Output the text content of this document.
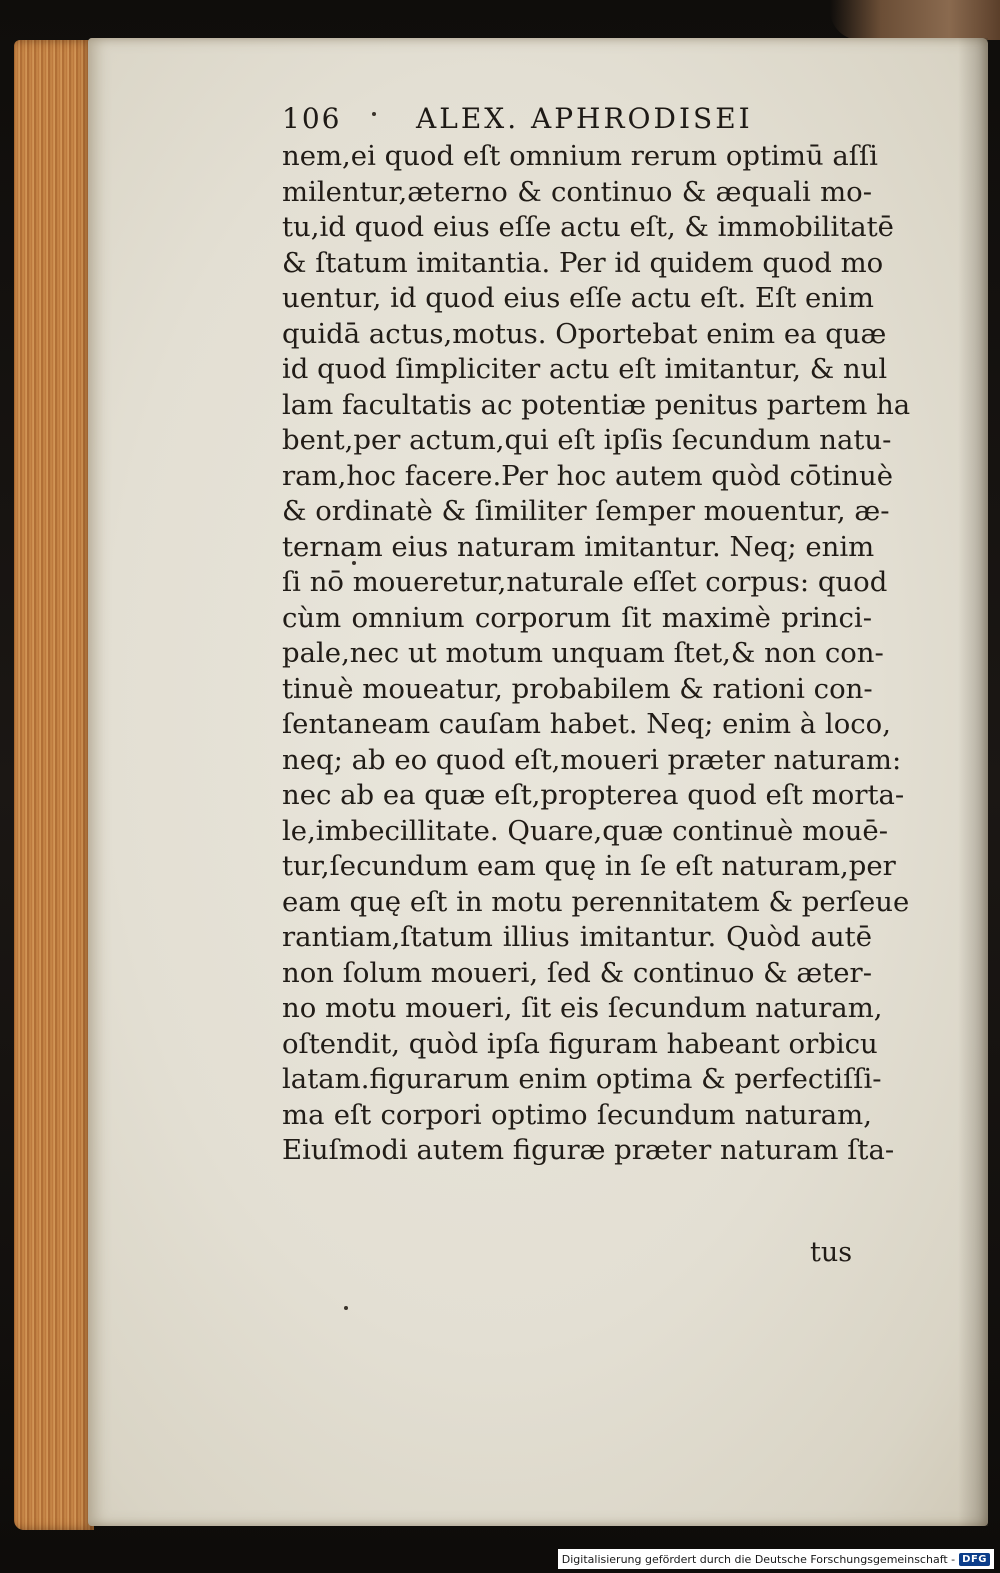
106	ALEX. APHRODISEI
nem,ei quod eſt omnium rerum optimū aſſi
milentur,æterno & continuo & æquali mo-
tu,id quod eius eſſe actu eſt, & immobilitatē
& ſtatum imitantia. Per id quidem quod mo
uentur, id quod eius eſſe actu eſt. Eſt enim
quidā actus,motus. Oportebat enim ea quæ
id quod ſimpliciter actu eſt imitantur, & nul
lam facultatis ac potentiæ penitus partem ha
bent,per actum,qui eſt ipſis ſecundum natu-
ram,hoc facere.Per hoc autem quòd cōtinuè
& ordinatè & ſimiliter ſemper mouentur, æ-
ternam eius naturam imitantur. Neq; enim
ſi nō moueretur,naturale eſſet corpus: quod
cùm omnium corporum ſit maximè princi-
pale,nec ut motum unquam ſtet,& non con-
tinuè moueatur, probabilem & rationi con-
ſentaneam cauſam habet. Neq; enim à loco,
neq; ab eo quod eſt,moueri præter naturam:
nec ab ea quæ eſt,propterea quod eſt morta-
le,imbecillitate. Quare,quæ continuè mouē-
tur,ſecundum eam quę in ſe eſt naturam,per
eam quę eſt in motu perennitatem & perſeue
rantiam,ſtatum illius imitantur. Quòd autē
non ſolum moueri, ſed & continuo & æter-
no motu moueri, ſit eis ſecundum naturam,
oſtendit, quòd ipſa figuram habeant orbicu
latam.figurarum enim optima & perfectiſſi-
ma eſt corpori optimo ſecundum naturam,
Eiuſmodi autem figuræ præter naturam ſta-
tus
Digitalisierung gefördert durch die Deutsche Forschungsgemeinschaft - DFG
